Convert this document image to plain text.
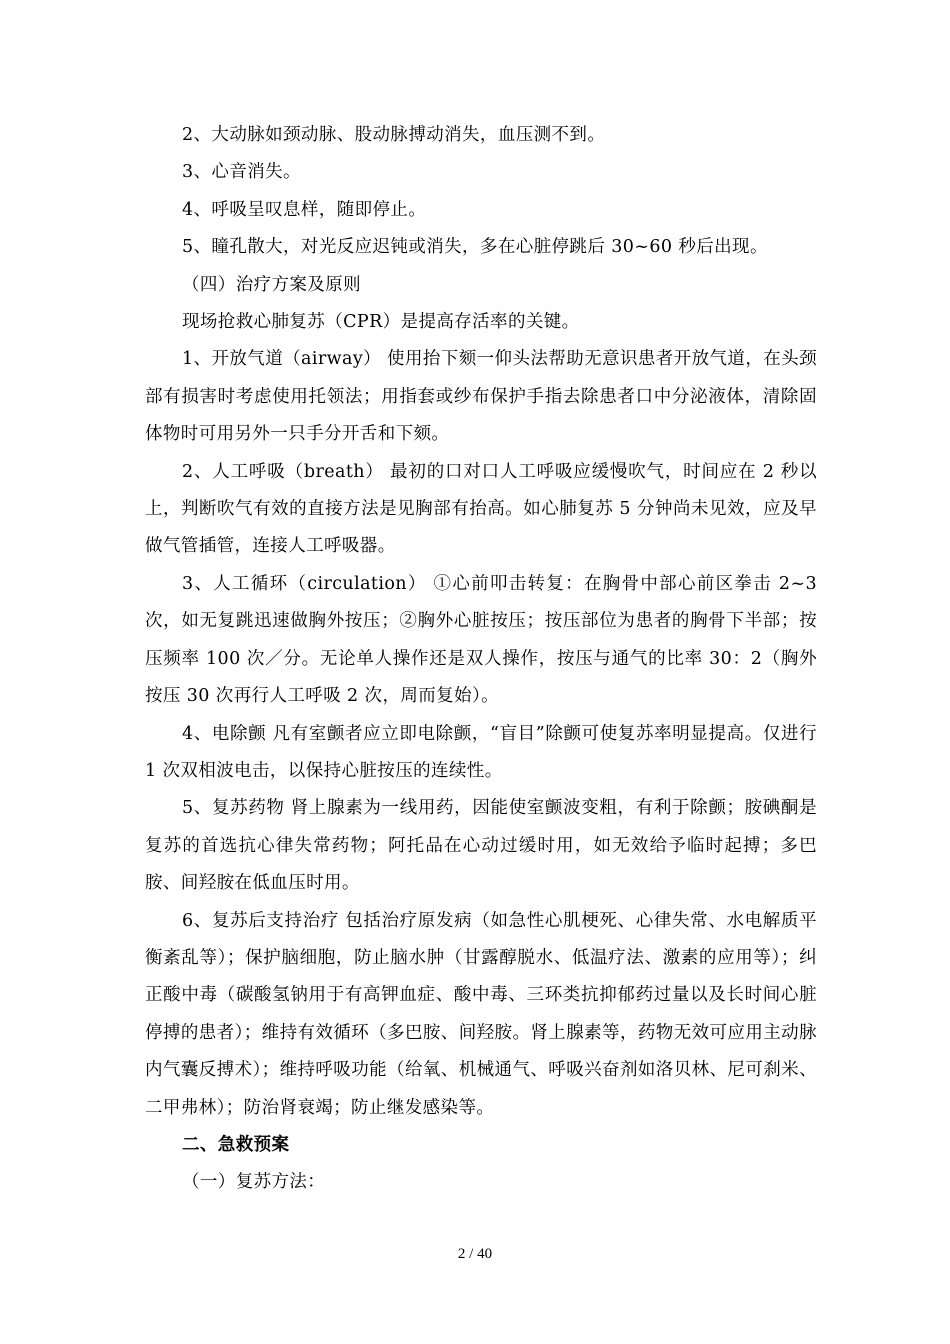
2、大动脉如颈动脉、股动脉搏动消失，血压测不到。

3、心音消失。

4、呼吸呈叹息样，随即停止。

5、瞳孔散大，对光反应迟钝或消失，多在心脏停跳后 30~60 秒后出现。

（四）治疗方案及原则

现场抢救心肺复苏（CPR）是提高存活率的关键。

1、开放气道（airway） 使用抬下颏一仰头法帮助无意识患者开放气道，在头颈部有损害时考虑使用托领法；用指套或纱布保护手指去除患者口中分泌液体，清除固体物时可用另外一只手分开舌和下颏。

2、人工呼吸（breath） 最初的口对口人工呼吸应缓慢吹气，时间应在 2 秒以上，判断吹气有效的直接方法是见胸部有抬高。如心肺复苏 5 分钟尚未见效，应及早做气管插管，连接人工呼吸器。

3、人工循环（circulation） ①心前叩击转复：在胸骨中部心前区拳击 2~3 次，如无复跳迅速做胸外按压；②胸外心脏按压；按压部位为患者的胸骨下半部；按压频率 100 次／分。无论单人操作还是双人操作，按压与通气的比率 30：2（胸外按压 30 次再行人工呼吸 2 次，周而复始）。

4、电除颤 凡有室颤者应立即电除颤，“盲目”除颤可使复苏率明显提高。仅进行 1 次双相波电击，以保持心脏按压的连续性。

5、复苏药物 肾上腺素为一线用药，因能使室颤波变粗，有利于除颤；胺碘酮是复苏的首选抗心律失常药物；阿托品在心动过缓时用，如无效给予临时起搏；多巴胺、间羟胺在低血压时用。

6、复苏后支持治疗 包括治疗原发病（如急性心肌梗死、心律失常、水电解质平衡紊乱等）；保护脑细胞，防止脑水肿（甘露醇脱水、低温疗法、激素的应用等）；纠正酸中毒（碳酸氢钠用于有高钾血症、酸中毒、三环类抗抑郁药过量以及长时间心脏停搏的患者）；维持有效循环（多巴胺、间羟胺。肾上腺素等，药物无效可应用主动脉内气囊反搏术）；维持呼吸功能（给氧、机械通气、呼吸兴奋剂如洛贝林、尼可刹米、二甲弗林）；防治肾衰竭；防止继发感染等。

二、急救预案

（一）复苏方法：

2 / 40
